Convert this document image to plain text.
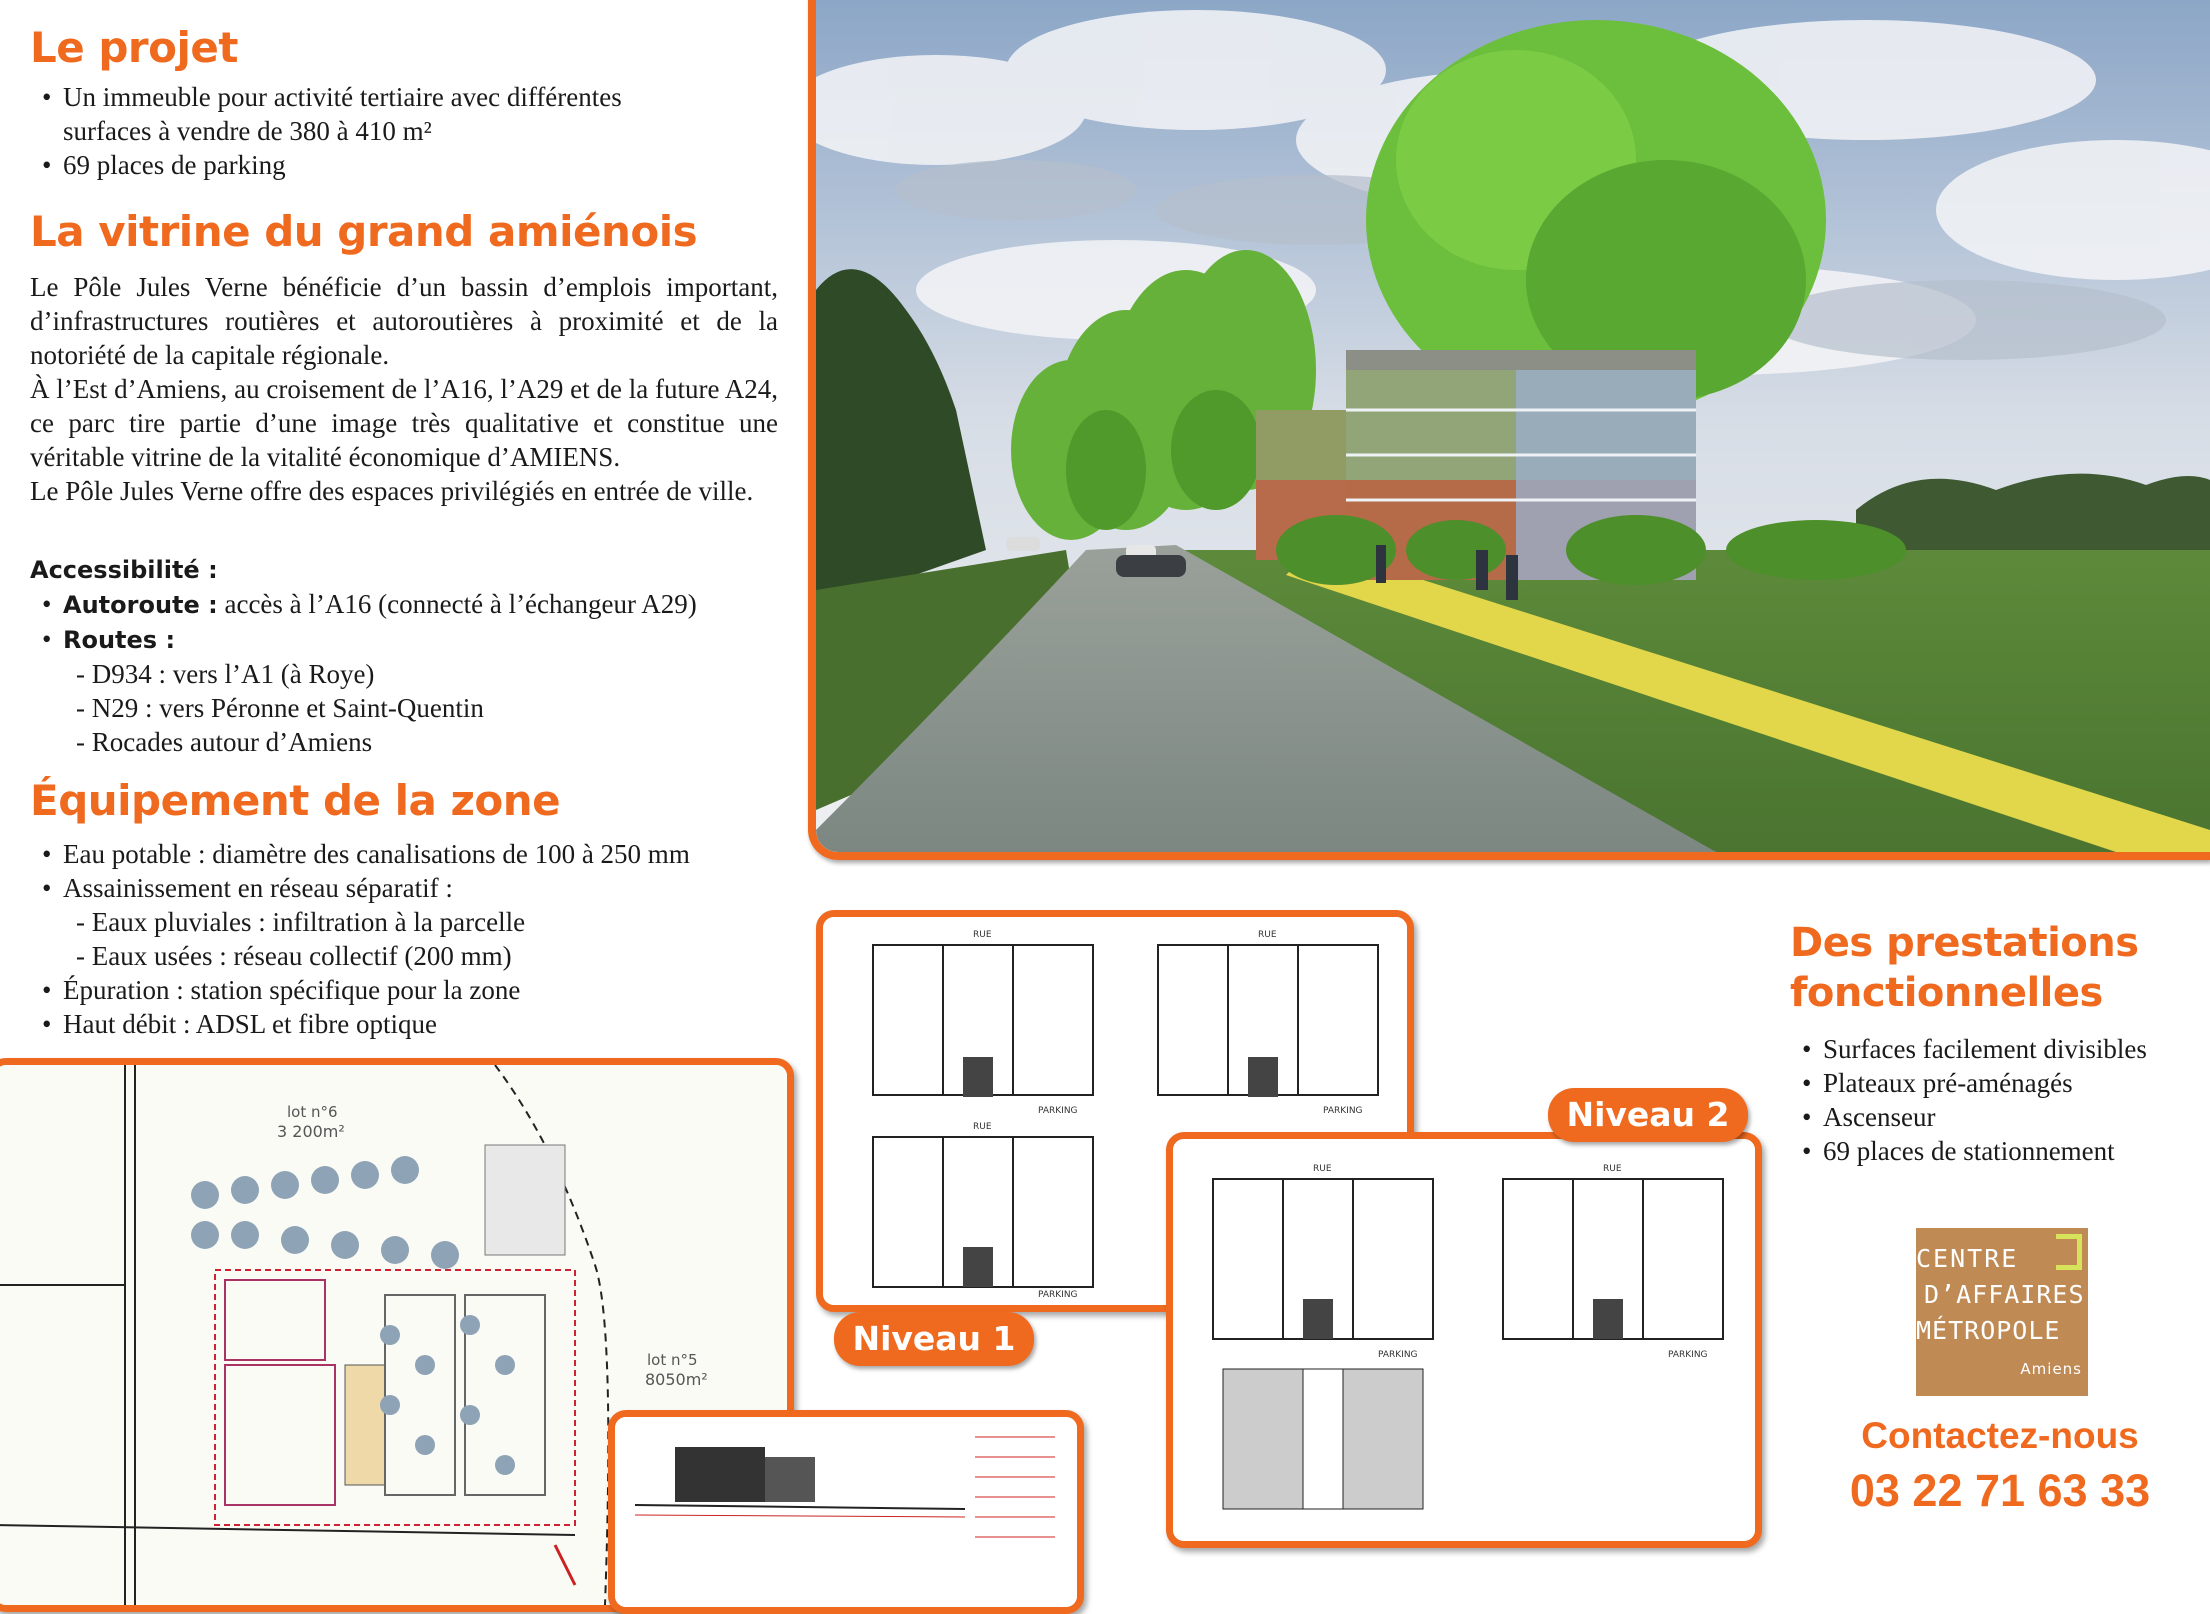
Le projet
• Un immeuble pour activité tertiaire avec différentes
surfaces à vendre de 380 à 410 m²
• 69 places de parking
La vitrine du grand amiénois
Le Pôle Jules Verne bénéficie d’un bassin d’emplois important, d’infrastructures routières et autoroutières à proximité et de la notoriété de la capitale régionale.
À l’Est d’Amiens, au croisement de l’A16, l’A29 et de la future A24, ce parc tire partie d’une image très qualitative et constitue une véritable vitrine de la vitalité économique d’AMIENS.
Le Pôle Jules Verne offre des espaces privilégiés en entrée de ville.
Accessibilité :
• Autoroute : accès à l’A16 (connecté à l’échangeur A29)
• Routes :
- D934 : vers l’A1 (à Roye)
- N29 : vers Péronne et Saint-Quentin
- Rocades autour d’Amiens
Équipement de la zone
• Eau potable : diamètre des canalisations de 100 à 250 mm
• Assainissement en réseau séparatif :
- Eaux pluviales : infiltration à la parcelle
- Eaux usées : réseau collectif (200 mm)
• Épuration : station spécifique pour la zone
• Haut débit : ADSL et fibre optique
lot n°6
3 200m²
lot n°5
8050m²
RUE	RUE
RUE
PARKING	PARKING
PARKING
Niveau 1
RUE	RUE
PARKING	PARKING
Niveau 2
Des prestations
fonctionnelles
• Surfaces facilement divisibles
• Plateaux pré-aménagés
• Ascenseur
• 69 places de stationnement
CENTRE
D’AFFAIRES
MÉTROPOLE
Amiens
Contactez-nous
03 22 71 63 33
